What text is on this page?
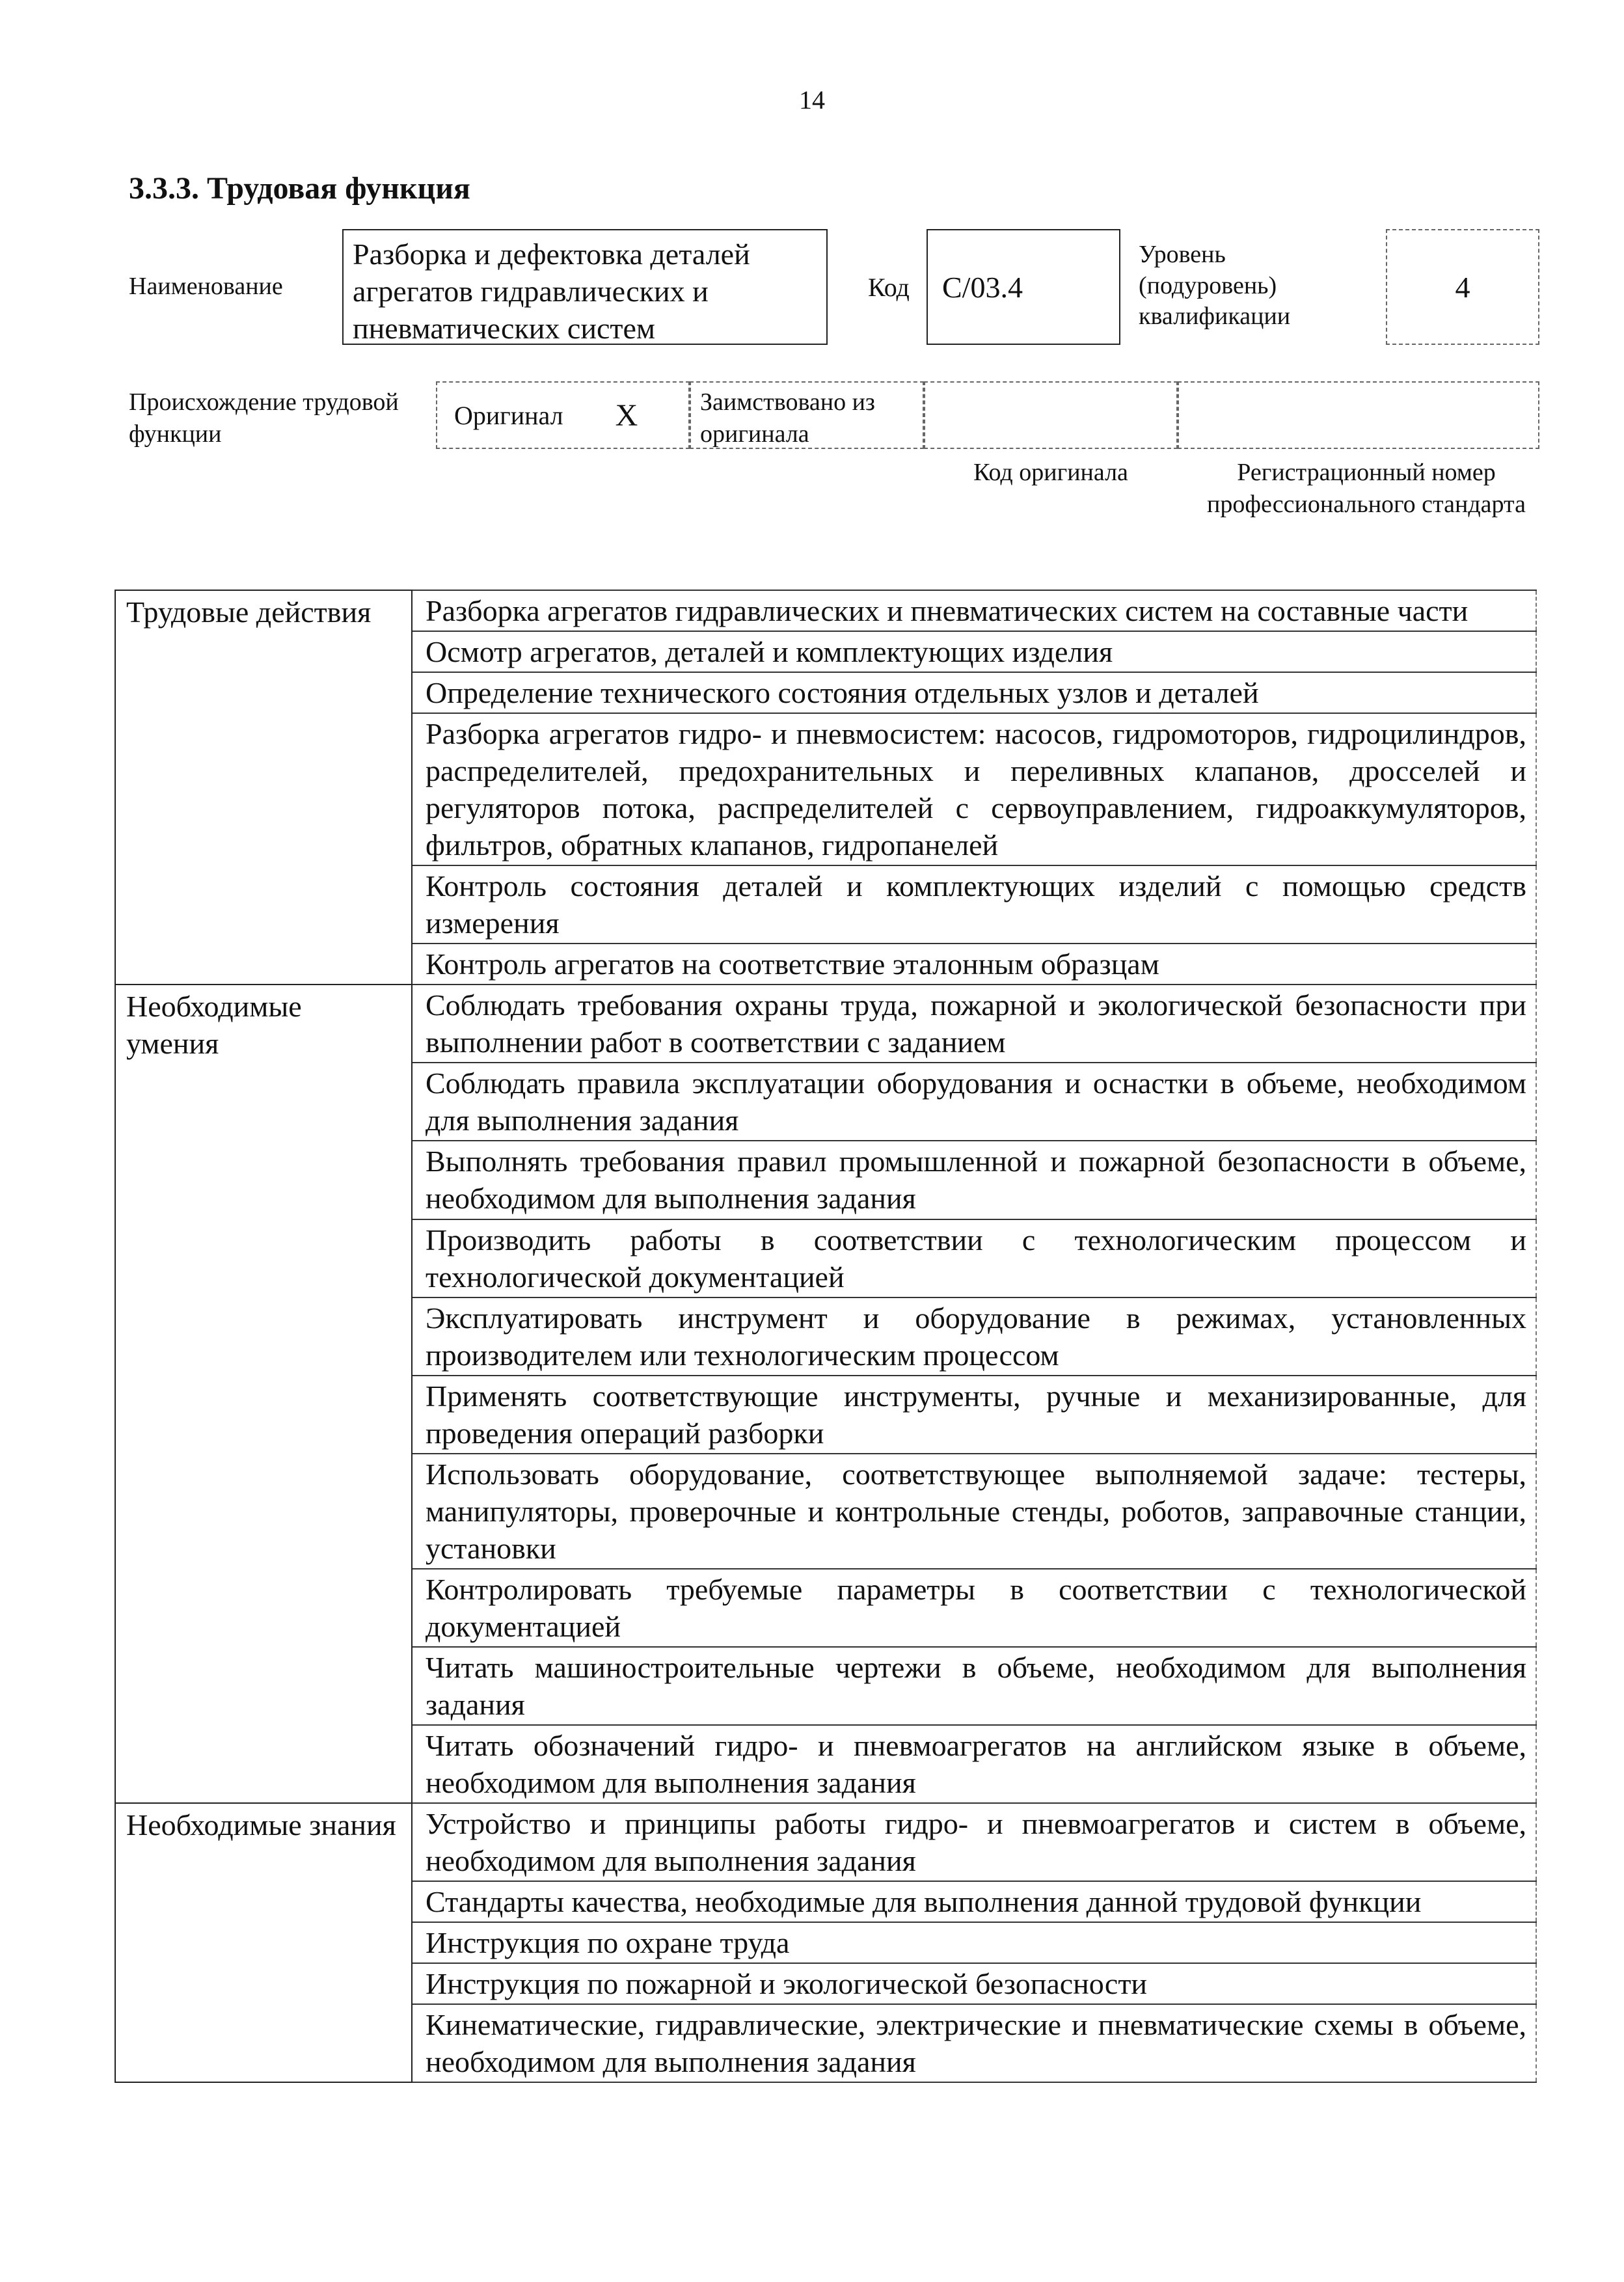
14
3.3.3. Трудовая функция
Наименование
Разборка и дефектовка деталей агрегатов гидравлических и пневматических систем
Код C/03.4
Уровень (подуровень) квалификации
4
Происхождение трудовой функции
Оригинал X	Заимствовано из оригинала
Код оригинала	Регистрационный номер профессионального стандарта
Трудовые действия	Разборка агрегатов гидравлических и пневматических систем на составные части
	Осмотр агрегатов, деталей и комплектующих изделия
	Определение технического состояния отдельных узлов и деталей
	Разборка агрегатов гидро- и пневмосистем: насосов, гидромоторов, гидроцилиндров, распределителей, предохранительных и переливных клапанов, дросселей и регуляторов потока, распределителей с сервоуправлением, гидроаккумуляторов, фильтров, обратных клапанов, гидропанелей
	Контроль состояния деталей и комплектующих изделий с помощью средств измерения
	Контроль агрегатов на соответствие эталонным образцам
Необходимые умения	Соблюдать требования охраны труда, пожарной и экологической безопасности при выполнении работ в соответствии с заданием
	Соблюдать правила эксплуатации оборудования и оснастки в объеме, необходимом для выполнения задания
	Выполнять требования правил промышленной и пожарной безопасности в объеме, необходимом для выполнения задания
	Производить работы в соответствии с технологическим процессом и технологической документацией
	Эксплуатировать инструмент и оборудование в режимах, установленных производителем или технологическим процессом
	Применять соответствующие инструменты, ручные и механизированные, для проведения операций разборки
	Использовать оборудование, соответствующее выполняемой задаче: тестеры, манипуляторы, проверочные и контрольные стенды, роботов, заправочные станции, установки
	Контролировать требуемые параметры в соответствии с технологической документацией
	Читать машиностроительные чертежи в объеме, необходимом для выполнения задания
	Читать обозначений гидро- и пневмоагрегатов на английском языке в объеме, необходимом для выполнения задания
Необходимые знания	Устройство и принципы работы гидро- и пневмоагрегатов и систем в объеме, необходимом для выполнения задания
	Стандарты качества, необходимые для выполнения данной трудовой функции
	Инструкция по охране труда
	Инструкция по пожарной и экологической безопасности
	Кинематические, гидравлические, электрические и пневматические схемы в объеме, необходимом для выполнения задания
